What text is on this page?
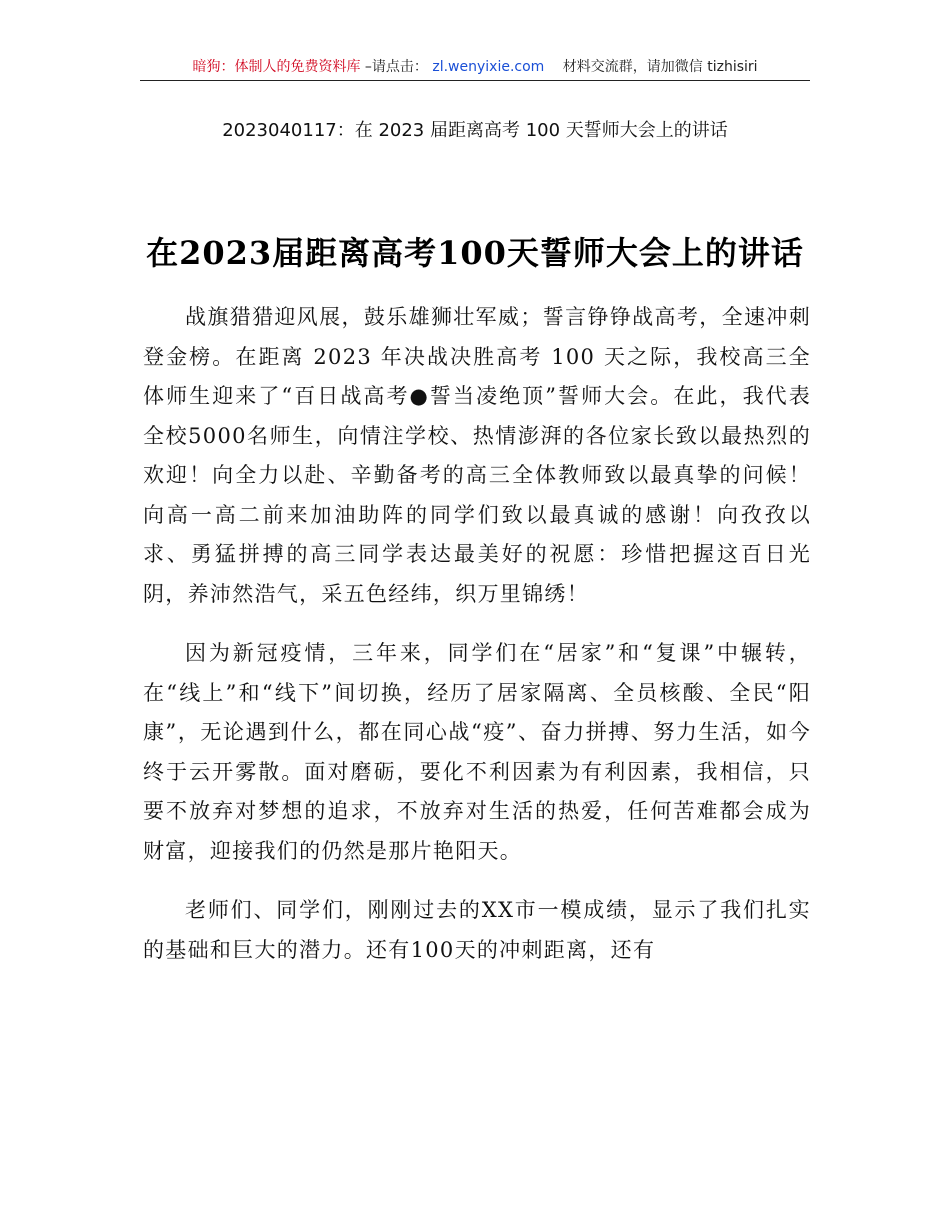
暗狗：体制人的免费资料库 –请点击： zl.wenyixie.com 材料交流群，请加微信 tizhisiri
2023040117：在 2023 届距离高考 100 天誓师大会上的讲话
在2023届距离高考100天誓师大会上的讲话

战旗猎猎迎风展，鼓乐雄狮壮军威；誓言铮铮战高考，全速冲刺登金榜。在距离 2023 年决战决胜高考 100 天之际，我校高三全体师生迎来了“百日战高考●誓当凌绝顶”誓师大会。在此，我代表全校5000名师生，向情注学校、热情澎湃的各位家长致以最热烈的欢迎！向全力以赴、辛勤备考的高三全体教师致以最真挚的问候！向高一高二前来加油助阵的同学们致以最真诚的感谢！向孜孜以求、勇猛拼搏的高三同学表达最美好的祝愿：珍惜把握这百日光阴，养沛然浩气，采五色经纬，织万里锦绣！

因为新冠疫情，三年来，同学们在“居家”和“复课”中辗转，在“线上”和“线下”间切换，经历了居家隔离、全员核酸、全民“阳康”，无论遇到什么，都在同心战“疫”、奋力拼搏、努力生活，如今终于云开雾散。面对磨砺，要化不利因素为有利因素，我相信，只要不放弃对梦想的追求，不放弃对生活的热爱，任何苦难都会成为财富，迎接我们的仍然是那片艳阳天。

老师们、同学们，刚刚过去的XX市一模成绩，显示了我们扎实的基础和巨大的潜力。还有100天的冲刺距离，还有
